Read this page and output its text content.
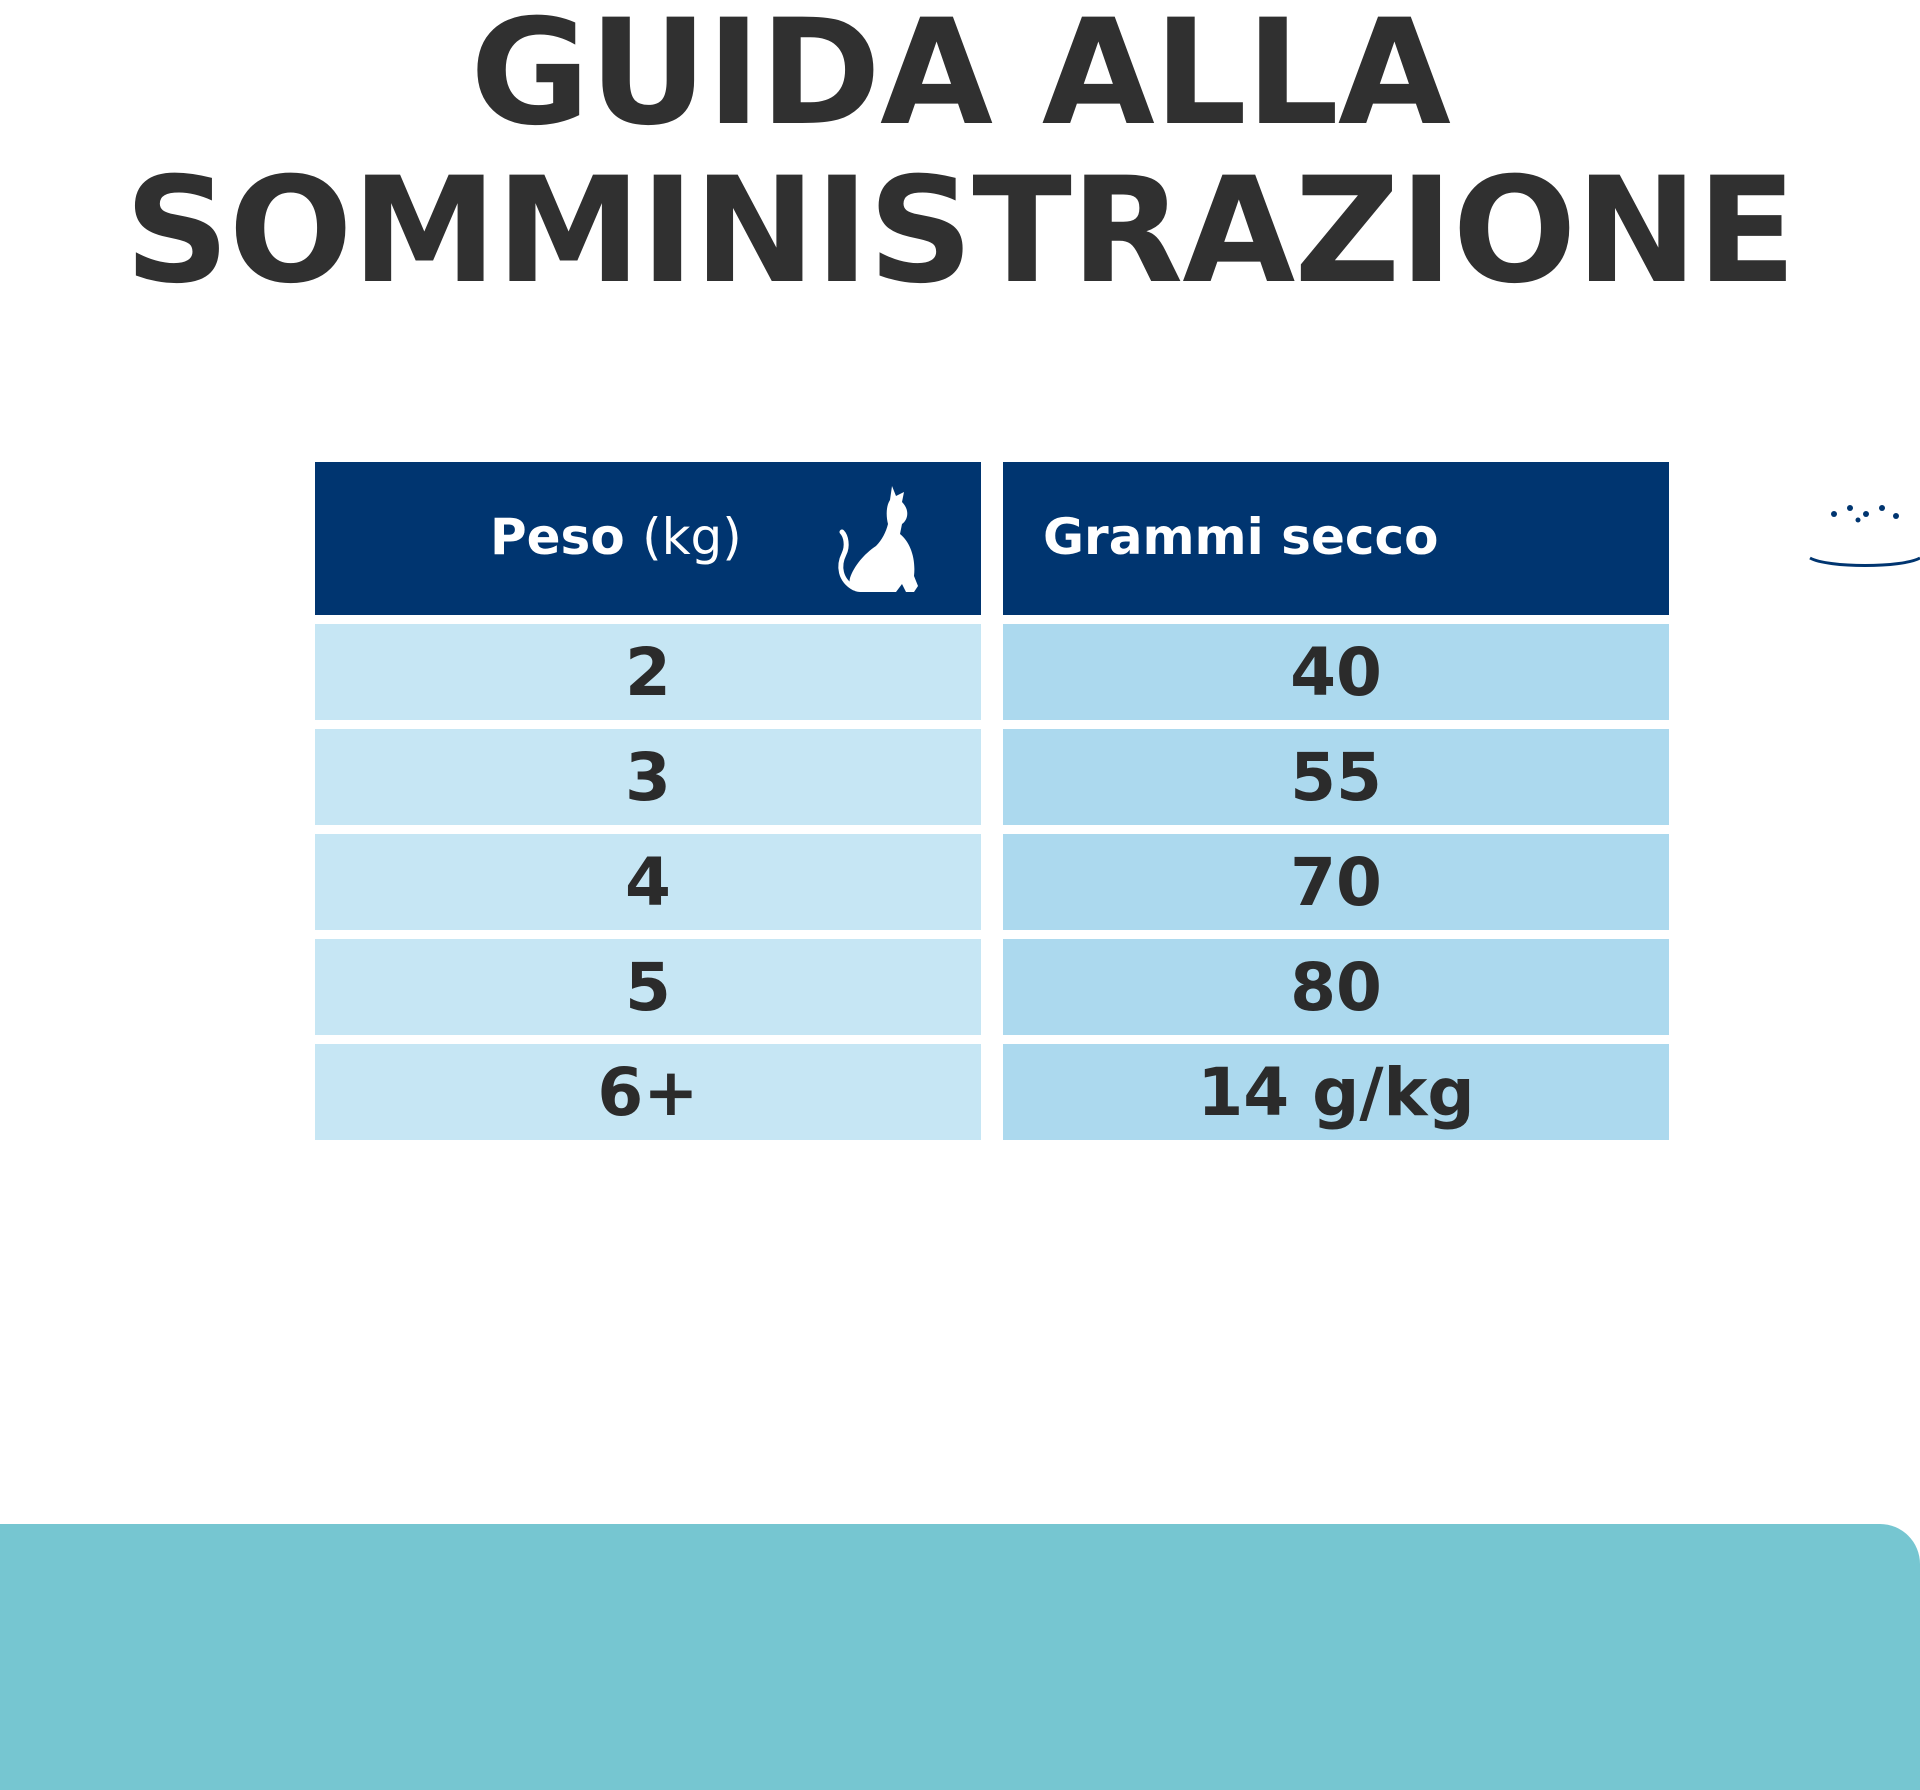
GUIDA ALLA
SOMMINISTRAZIONE
Peso (kg)	Grammi secco
2	40
3	55
4	70
5	80
6+	14 g/kg
